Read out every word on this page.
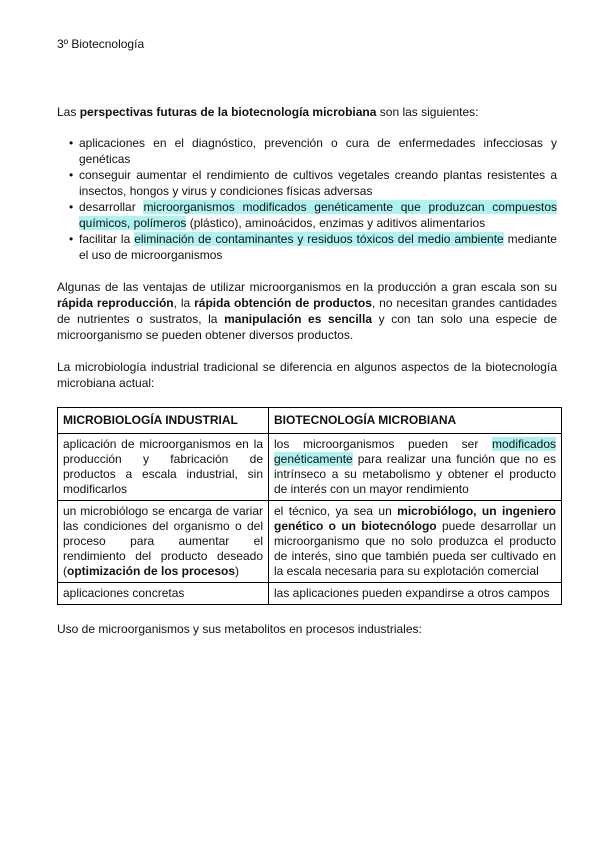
3º Biotecnología

Las perspectivas futuras de la biotecnología microbiana son las siguientes:

• aplicaciones en el diagnóstico, prevención o cura de enfermedades infecciosas y genéticas
• conseguir aumentar el rendimiento de cultivos vegetales creando plantas resistentes a insectos, hongos y virus y condiciones físicas adversas
• desarrollar microorganismos modificados genéticamente que produzcan compuestos químicos, polímeros (plástico), aminoácidos, enzimas y aditivos alimentarios
• facilitar la eliminación de contaminantes y residuos tóxicos del medio ambiente mediante el uso de microorganismos

Algunas de las ventajas de utilizar microorganismos en la producción a gran escala son su rápida reproducción, la rápida obtención de productos, no necesitan grandes cantidades de nutrientes o sustratos, la manipulación es sencilla y con tan solo una especie de microorganismo se pueden obtener diversos productos.

La microbiología industrial tradicional se diferencia en algunos aspectos de la biotecnología microbiana actual:

MICROBIOLOGÍA INDUSTRIAL	BIOTECNOLOGÍA MICROBIANA
aplicación de microorganismos en la producción y fabricación de productos a escala industrial, sin modificarlos	los microorganismos pueden ser modificados genéticamente para realizar una función que no es intrínseco a su metabolismo y obtener el producto de interés con un mayor rendimiento
un microbiólogo se encarga de variar las condiciones del organismo o del proceso para aumentar el rendimiento del producto deseado (optimización de los procesos)	el técnico, ya sea un microbiólogo, un ingeniero genético o un biotecnólogo puede desarrollar un microorganismo que no solo produzca el producto de interés, sino que también pueda ser cultivado en la escala necesaria para su explotación comercial
aplicaciones concretas	las aplicaciones pueden expandirse a otros campos

Uso de microorganismos y sus metabolitos en procesos industriales:
